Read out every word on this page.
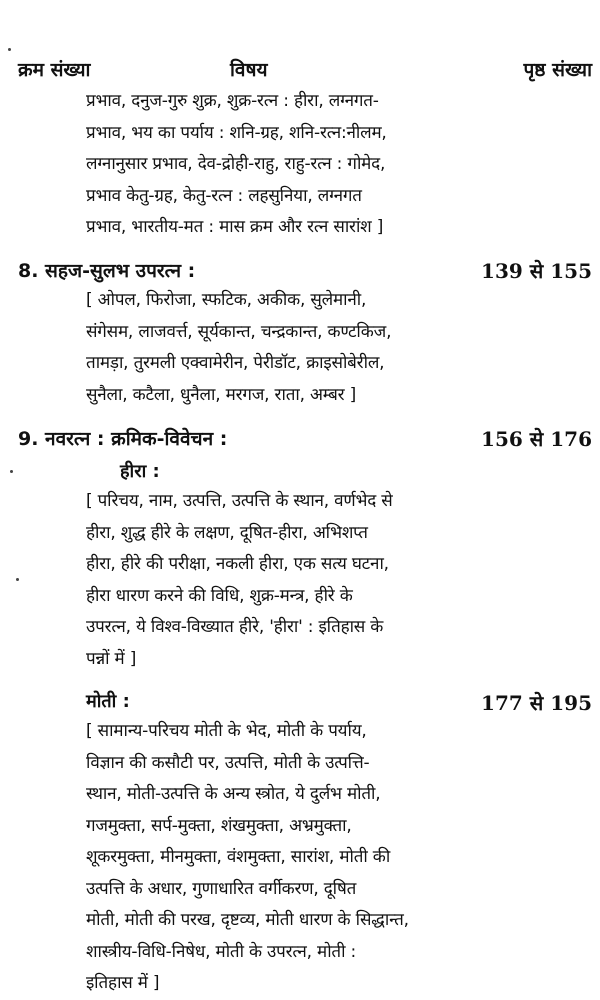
क्रम संख्या	विषय	पृष्ठ संख्या
प्रभाव, दनुज-गुरु शुक्र, शुक्र-रत्न : हीरा, लग्नगत-
प्रभाव, भय का पर्याय : शनि-ग्रह, शनि-रत्न:नीलम,
लग्नानुसार प्रभाव, देव-द्रोही-राहु, राहु-रत्न : गोमेद,
प्रभाव केतु-ग्रह, केतु-रत्न : लहसुनिया, लग्नगत
प्रभाव, भारतीय-मत : मास क्रम और रत्न सारांश ]
8. सहज-सुलभ उपरत्न :	139 से 155
[ ओपल, फिरोजा, स्फटिक, अकीक, सुलेमानी,
संगेसम, लाजवर्त्त, सूर्यकान्त, चन्द्रकान्त, कण्टकिज,
तामड़ा, तुरमली एक्वामेरीन, पेरीडॉट, क्राइसोबेरील,
सुनैला, कटैला, धुनैला, मरगज, राता, अम्बर ]
9. नवरत्न : क्रमिक-विवेचन :	156 से 176
हीरा :
[ परिचय, नाम, उत्पत्ति, उत्पत्ति के स्थान, वर्णभेद से
हीरा, शुद्ध हीरे के लक्षण, दूषित-हीरा, अभिशप्त
हीरा, हीरे की परीक्षा, नकली हीरा, एक सत्य घटना,
हीरा धारण करने की विधि, शुक्र-मन्त्र, हीरे के
उपरत्न, ये विश्व-विख्यात हीरे, 'हीरा' : इतिहास के
पन्नों में ]
मोती :	177 से 195
[ सामान्य-परिचय मोती के भेद, मोती के पर्याय,
विज्ञान की कसौटी पर, उत्पत्ति, मोती के उत्पत्ति-
स्थान, मोती-उत्पत्ति के अन्य स्त्रोत, ये दुर्लभ मोती,
गजमुक्ता, सर्प-मुक्ता, शंखमुक्ता, अभ्रमुक्ता,
शूकरमुक्ता, मीनमुक्ता, वंशमुक्ता, सारांश, मोती की
उत्पत्ति के अधार, गुणाधारित वर्गीकरण, दूषित
मोती, मोती की परख, दृष्टव्य, मोती धारण के सिद्धान्त,
शास्त्रीय-विधि-निषेध, मोती के उपरत्न, मोती :
इतिहास में ]
